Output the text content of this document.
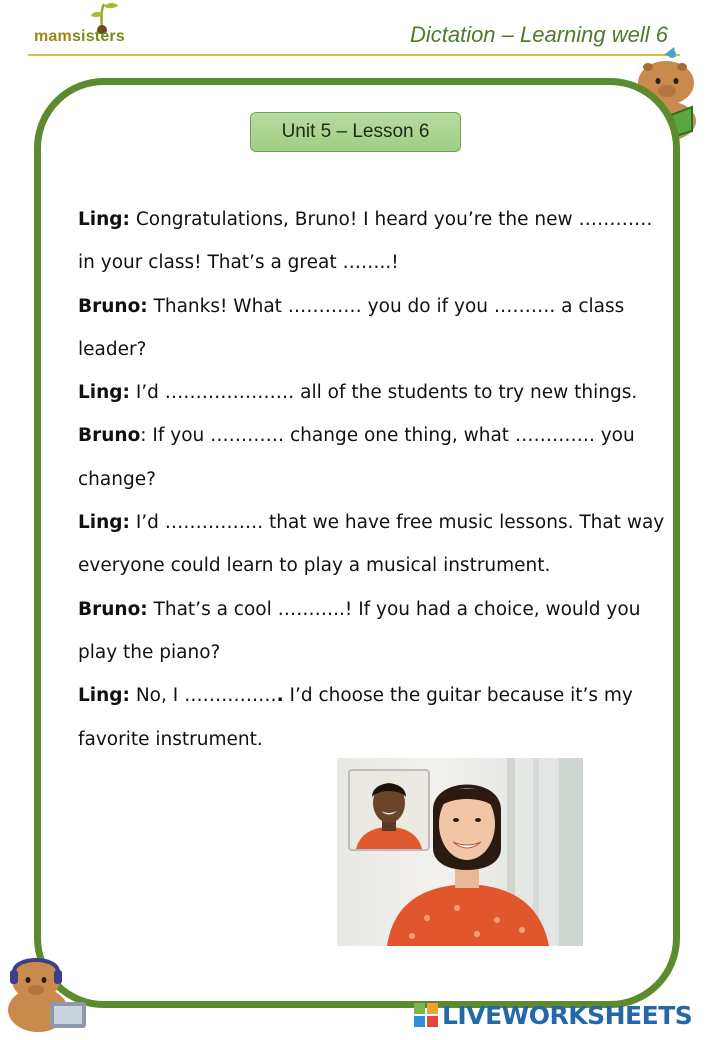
mamsisters	Dictation – Learning well 6
Unit 5 – Lesson 6
Ling: Congratulations, Bruno! I heard you’re the new …………
in your class! That’s a great ……..!
Bruno: Thanks! What ………… you do if you ………. a class
leader?
Ling: I’d ………………… all of the students to try new things.
Bruno: If you ………… change one thing, what …………. you
change?
Ling: I’d ……………. that we have free music lessons. That way
everyone could learn to play a musical instrument.
Bruno: That’s a cool ………..! If you had a choice, would you
play the piano?
Ling: No, I ……………. I’d choose the guitar because it’s my
favorite instrument.
LIVEWORKSHEETS
